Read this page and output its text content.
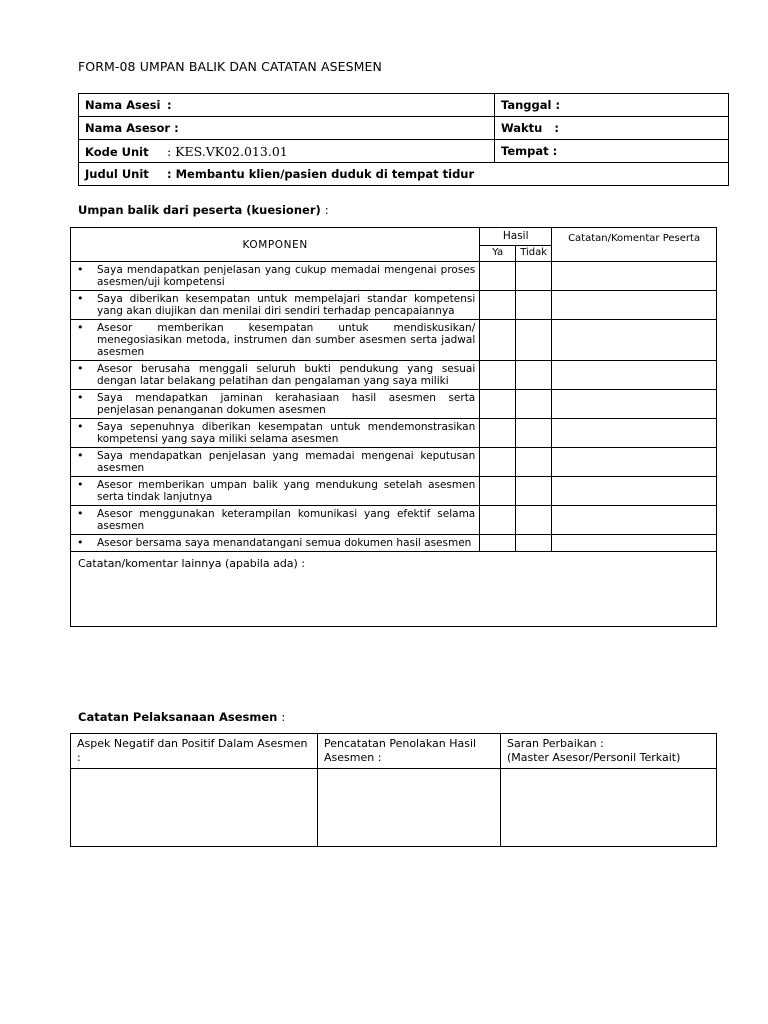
FORM-08 UMPAN BALIK DAN CATATAN ASESMEN
Nama Asesi :	Tanggal :
Nama Asesor :	Waktu   :
Kode Unit : KES.VK02.013.01	Tempat :
Judul Unit : Membantu klien/pasien duduk di tempat tidur	
Umpan balik dari peserta (kuesioner) :
KOMPONEN	Hasil		Catatan/Komentar Peserta
	Ya	Tidak	

• Saya mendapatkan penjelasan yang cukup memadai mengenai proses asesmen/uji kompetensi			

• Saya diberikan kesempatan untuk mempelajari standar kompetensi yang akan diujikan dan menilai diri sendiri terhadap pencapaiannya			

• Asesor memberikan kesempatan untuk mendiskusikan/ menegosiasikan metoda, instrumen dan sumber asesmen serta jadwal asesmen			

• Asesor berusaha menggali seluruh bukti pendukung yang sesuai dengan latar belakang pelatihan dan pengalaman yang saya miliki			

• Saya mendapatkan jaminan kerahasiaan hasil asesmen serta penjelasan penanganan dokumen asesmen			

• Saya sepenuhnya diberikan kesempatan untuk mendemonstrasikan kompetensi yang saya miliki selama asesmen			

• Saya mendapatkan penjelasan yang memadai mengenai keputusan asesmen			

• Asesor memberikan umpan balik yang mendukung setelah asesmen serta tindak lanjutnya			

• Asesor menggunakan keterampilan komunikasi yang efektif selama asesmen			

• Asesor bersama saya menandatangani semua dokumen hasil asesmen			

Catatan/komentar lainnya (apabila ada) :			
Catatan Pelaksanaan Asesmen :
Aspek Negatif dan Positif Dalam Asesmen :	Pencatatan Penolakan Hasil Asesmen :	Saran Perbaikan :
(Master Asesor/Personil Terkait)
